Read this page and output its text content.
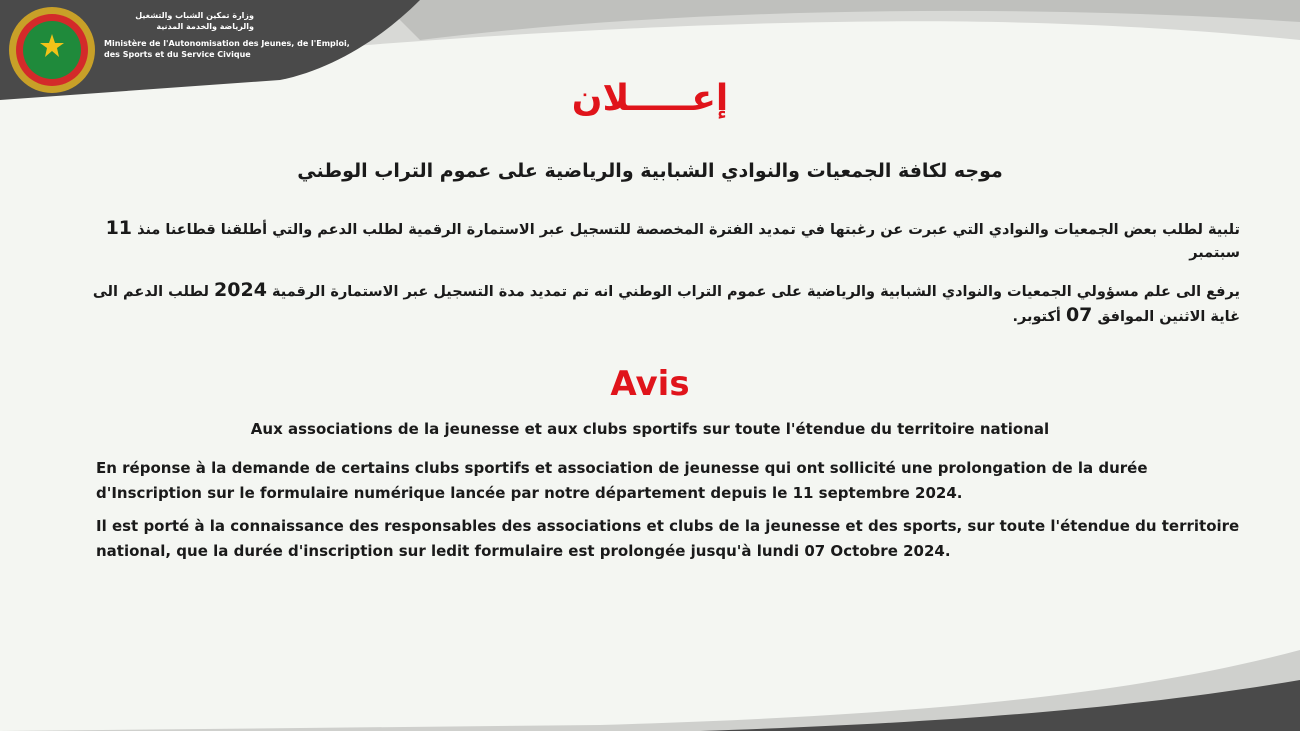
وزارة تمكين الشباب والتشغيل والرياضة والخدمة المدنية
Ministère de l'Autonomisation des Jeunes, de l'Emploi, des Sports et du Service Civique
إعـــــلان
موجه لكافة الجمعيات والنوادي الشبابية والرياضية على عموم التراب الوطني
تلبية لطلب بعض الجمعيات والنوادي التي عبرت عن رغبتها في تمديد الفترة المخصصة للتسجيل عبر الاستمارة الرقمية لطلب الدعم والتي أطلقنا قطاعنا منذ 11 سبتمبر
يرفع الى علم مسؤولي الجمعيات والنوادي الشبابية والرياضية على عموم التراب الوطني انه تم تمديد مدة التسجيل عبر الاستمارة الرقمية 2024 لطلب الدعم الى غاية الاثنين الموافق 07 أكتوبر.
Avis
Aux associations de la jeunesse et aux clubs sportifs sur toute l'étendue du territoire national
En réponse à la demande de certains clubs sportifs et association de jeunesse qui ont sollicité une prolongation de la durée d'Inscription sur le formulaire numérique lancée par notre département depuis le 11 septembre 2024.
Il est porté à la connaissance des responsables des associations et clubs de la jeunesse et des sports, sur toute l'étendue du territoire national, que la durée d'inscription sur ledit formulaire est prolongée jusqu'à lundi 07 Octobre 2024.
